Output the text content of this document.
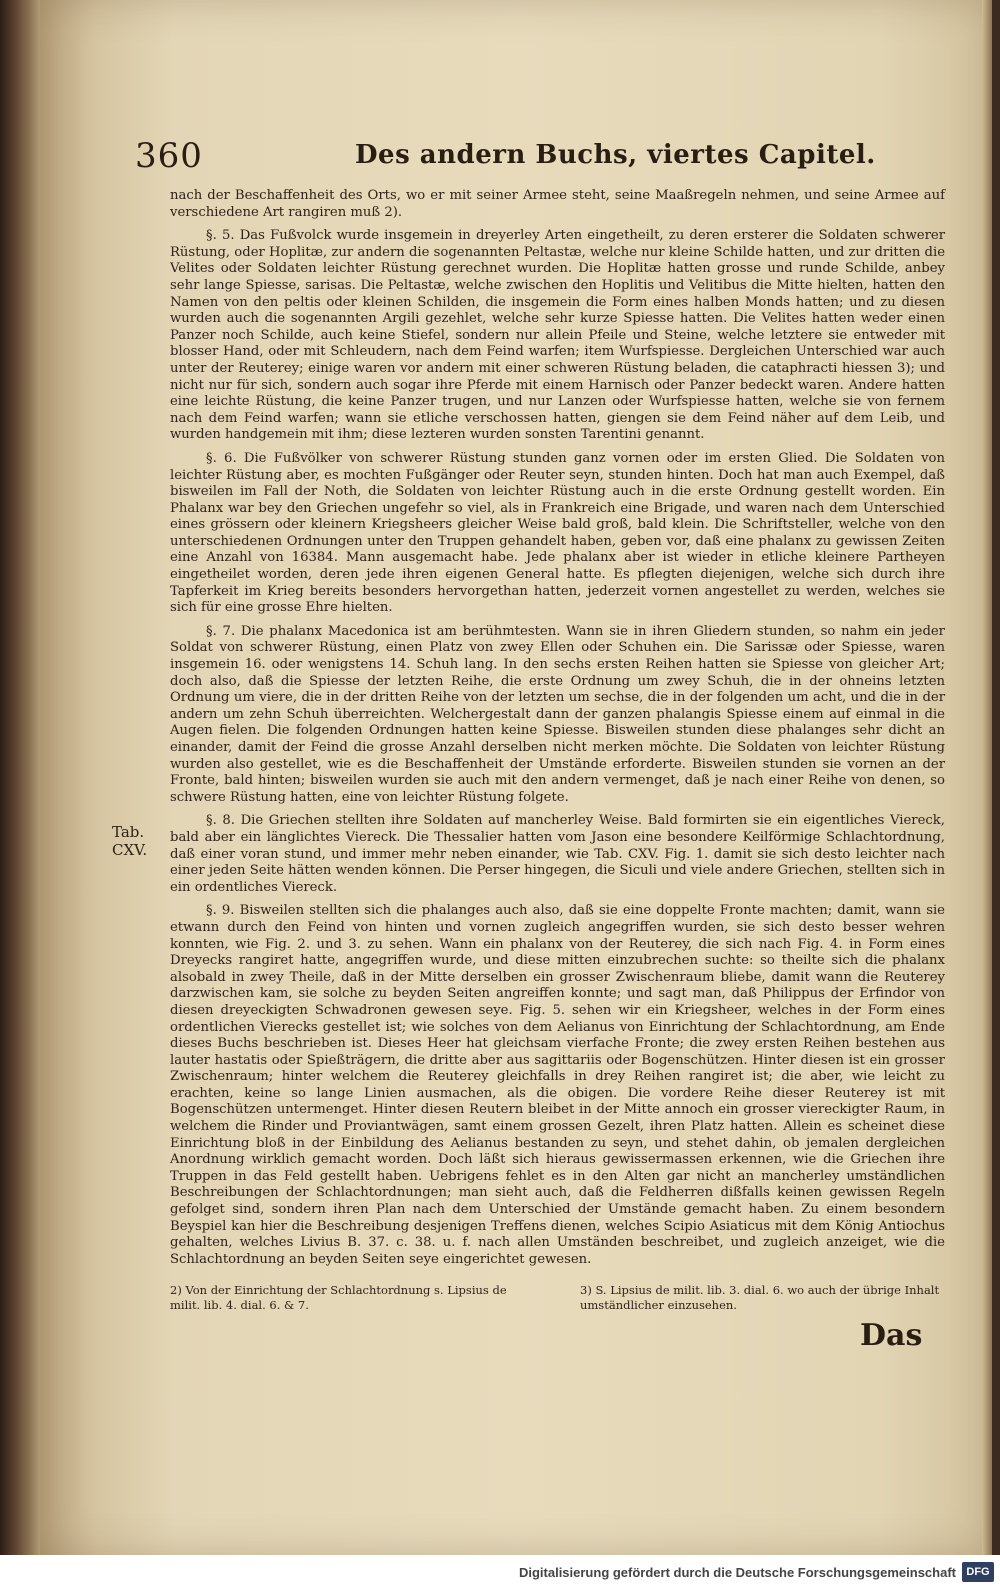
360	Des andern Buchs, viertes Capitel.
Tab. CXV.

nach der Beschaffenheit des Orts, wo er mit seiner Armee steht, seine Maaßregeln nehmen, und seine Armee auf verschiedene Art rangiren muß 2).

§. 5. Das Fußvolck wurde insgemein in dreyerley Arten eingetheilt, zu deren ersterer die Soldaten schwerer Rüstung, oder Hoplitæ, zur andern die sogenannten Peltastæ, welche nur kleine Schilde hatten, und zur dritten die Velites oder Soldaten leichter Rüstung gerechnet wurden. Die Hoplitæ hatten grosse und runde Schilde, anbey sehr lange Spiesse, sarisas. Die Peltastæ, welche zwischen den Hoplitis und Velitibus die Mitte hielten, hatten den Namen von den peltis oder kleinen Schilden, die insgemein die Form eines halben Monds hatten; und zu diesen wurden auch die sogenannten Argili gezehlet, welche sehr kurze Spiesse hatten. Die Velites hatten weder einen Panzer noch Schilde, auch keine Stiefel, sondern nur allein Pfeile und Steine, welche letztere sie entweder mit blosser Hand, oder mit Schleudern, nach dem Feind warfen; item Wurfspiesse. Dergleichen Unterschied war auch unter der Reuterey; einige waren vor andern mit einer schweren Rüstung beladen, die cataphracti hiessen 3); und nicht nur für sich, sondern auch sogar ihre Pferde mit einem Harnisch oder Panzer bedeckt waren. Andere hatten eine leichte Rüstung, die keine Panzer trugen, und nur Lanzen oder Wurfspiesse hatten, welche sie von fernem nach dem Feind warfen; wann sie etliche verschossen hatten, giengen sie dem Feind näher auf dem Leib, und wurden handgemein mit ihm; diese lezteren wurden sonsten Tarentini genannt.

§. 6. Die Fußvölker von schwerer Rüstung stunden ganz vornen oder im ersten Glied. Die Soldaten von leichter Rüstung aber, es mochten Fußgänger oder Reuter seyn, stunden hinten. Doch hat man auch Exempel, daß bisweilen im Fall der Noth, die Soldaten von leichter Rüstung auch in die erste Ordnung gestellt worden. Ein Phalanx war bey den Griechen ungefehr so viel, als in Frankreich eine Brigade, und waren nach dem Unterschied eines grössern oder kleinern Kriegsheers gleicher Weise bald groß, bald klein. Die Schriftsteller, welche von den unterschiedenen Ordnungen unter den Truppen gehandelt haben, geben vor, daß eine phalanx zu gewissen Zeiten eine Anzahl von 16384. Mann ausgemacht habe. Jede phalanx aber ist wieder in etliche kleinere Partheyen eingetheilet worden, deren jede ihren eigenen General hatte. Es pflegten diejenigen, welche sich durch ihre Tapferkeit im Krieg bereits besonders hervorgethan hatten, jederzeit vornen angestellet zu werden, welches sie sich für eine grosse Ehre hielten.

§. 7. Die phalanx Macedonica ist am berühmtesten. Wann sie in ihren Gliedern stunden, so nahm ein jeder Soldat von schwerer Rüstung, einen Platz von zwey Ellen oder Schuhen ein. Die Sarissæ oder Spiesse, waren insgemein 16. oder wenigstens 14. Schuh lang. In den sechs ersten Reihen hatten sie Spiesse von gleicher Art; doch also, daß die Spiesse der letzten Reihe, die erste Ordnung um zwey Schuh, die in der ohneins letzten Ordnung um viere, die in der dritten Reihe von der letzten um sechse, die in der folgenden um acht, und die in der andern um zehn Schuh überreichten. Welchergestalt dann der ganzen phalangis Spiesse einem auf einmal in die Augen fielen. Die folgenden Ordnungen hatten keine Spiesse. Bisweilen stunden diese phalanges sehr dicht an einander, damit der Feind die grosse Anzahl derselben nicht merken möchte. Die Soldaten von leichter Rüstung wurden also gestellet, wie es die Beschaffenheit der Umstände erforderte. Bisweilen stunden sie vornen an der Fronte, bald hinten; bisweilen wurden sie auch mit den andern vermenget, daß je nach einer Reihe von denen, so schwere Rüstung hatten, eine von leichter Rüstung folgete.

§. 8. Die Griechen stellten ihre Soldaten auf mancherley Weise. Bald formirten sie ein eigentliches Viereck, bald aber ein länglichtes Viereck. Die Thessalier hatten vom Jason eine besondere Keilförmige Schlachtordnung, daß einer voran stund, und immer mehr neben einander, wie Tab. CXV. Fig. 1. damit sie sich desto leichter nach einer jeden Seite hätten wenden können. Die Perser hingegen, die Siculi und viele andere Griechen, stellten sich in ein ordentliches Viereck.

§. 9. Bisweilen stellten sich die phalanges auch also, daß sie eine doppelte Fronte machten; damit, wann sie etwann durch den Feind von hinten und vornen zugleich angegriffen wurden, sie sich desto besser wehren konnten, wie Fig. 2. und 3. zu sehen. Wann ein phalanx von der Reuterey, die sich nach Fig. 4. in Form eines Dreyecks rangiret hatte, angegriffen wurde, und diese mitten einzubrechen suchte: so theilte sich die phalanx alsobald in zwey Theile, daß in der Mitte derselben ein grosser Zwischenraum bliebe, damit wann die Reuterey darzwischen kam, sie solche zu beyden Seiten angreiffen konnte; und sagt man, daß Philippus der Erfindor von diesen dreyeckigten Schwadronen gewesen seye. Fig. 5. sehen wir ein Kriegsheer, welches in der Form eines ordentlichen Vierecks gestellet ist; wie solches von dem Aelianus von Einrichtung der Schlachtordnung, am Ende dieses Buchs beschrieben ist. Dieses Heer hat gleichsam vierfache Fronte; die zwey ersten Reihen bestehen aus lauter hastatis oder Spießträgern, die dritte aber aus sagittariis oder Bogenschützen. Hinter diesen ist ein grosser Zwischenraum; hinter welchem die Reuterey gleichfalls in drey Reihen rangiret ist; die aber, wie leicht zu erachten, keine so lange Linien ausmachen, als die obigen. Die vordere Reihe dieser Reuterey ist mit Bogenschützen untermenget. Hinter diesen Reutern bleibet in der Mitte annoch ein grosser viereckigter Raum, in welchem die Rinder und Proviantwägen, samt einem grossen Gezelt, ihren Platz hatten. Allein es scheinet diese Einrichtung bloß in der Einbildung des Aelianus bestanden zu seyn, und stehet dahin, ob jemalen dergleichen Anordnung wirklich gemacht worden. Doch läßt sich hieraus gewissermassen erkennen, wie die Griechen ihre Truppen in das Feld gestellt haben. Uebrigens fehlet es in den Alten gar nicht an mancherley umständlichen Beschreibungen der Schlachtordnungen; man sieht auch, daß die Feldherren dißfalls keinen gewissen Regeln gefolget sind, sondern ihren Plan nach dem Unterschied der Umstände gemacht haben. Zu einem besondern Beyspiel kan hier die Beschreibung desjenigen Treffens dienen, welches Scipio Asiaticus mit dem König Antiochus gehalten, welches Livius B. 37. c. 38. u. f. nach allen Umständen beschreibet, und zugleich anzeiget, wie die Schlachtordnung an beyden Seiten seye eingerichtet gewesen.

2) Von der Einrichtung der Schlachtordnung s. Lipsius de milit. lib. 4. dial. 6. & 7.
3) S. Lipsius de milit. lib. 3. dial. 6. wo auch der übrige Inhalt umständlicher einzusehen.
Das
Digitalisierung gefördert durch die Deutsche Forschungsgemeinschaft DFG
